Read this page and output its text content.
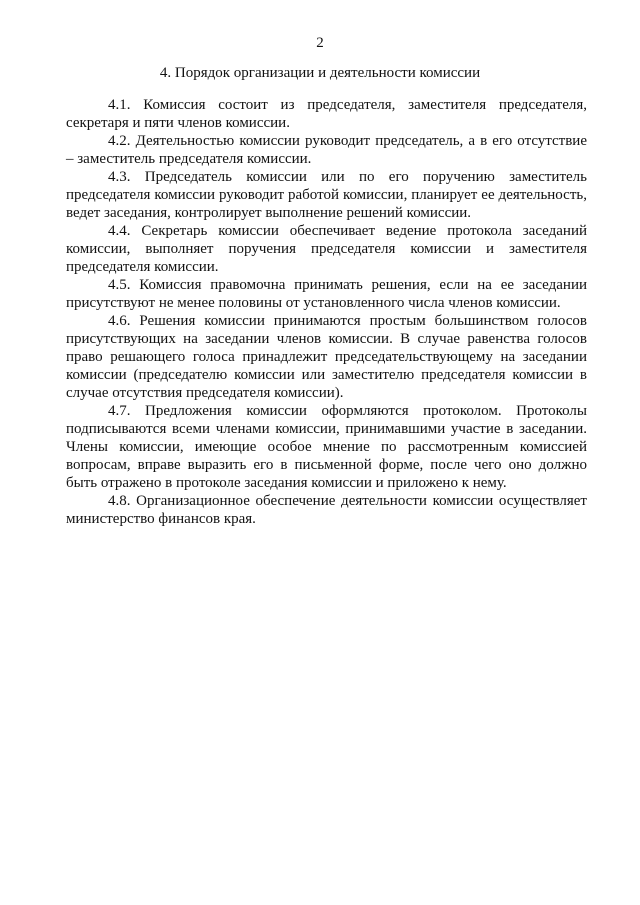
2
4. Порядок организации и деятельности комиссии

4.1. Комиссия состоит из председателя, заместителя председателя, секретаря и пяти членов комиссии.

4.2. Деятельностью комиссии руководит председатель, а в его отсутствие – заместитель председателя комиссии.

4.3. Председатель комиссии или по его поручению заместитель председателя комиссии руководит работой комиссии, планирует ее деятельность, ведет заседания, контролирует выполнение решений комиссии.

4.4. Секретарь комиссии обеспечивает ведение протокола заседаний комиссии, выполняет поручения председателя комиссии и заместителя председателя комиссии.

4.5. Комиссия правомочна принимать решения, если на ее заседании присутствуют не менее половины от установленного числа членов комиссии.

4.6. Решения комиссии принимаются простым большинством голосов присутствующих на заседании членов комиссии. В случае равенства голосов право решающего голоса принадлежит председательствующему на заседании комиссии (председателю комиссии или заместителю председателя комиссии в случае отсутствия председателя комиссии).

4.7. Предложения комиссии оформляются протоколом. Протоколы подписываются всеми членами комиссии, принимавшими участие в заседании. Члены комиссии, имеющие особое мнение по рассмотренным комиссией вопросам, вправе выразить его в письменной форме, после чего оно должно быть отражено в протоколе заседания комиссии и приложено к нему.

4.8. Организационное обеспечение деятельности комиссии осуществляет министерство финансов края.
